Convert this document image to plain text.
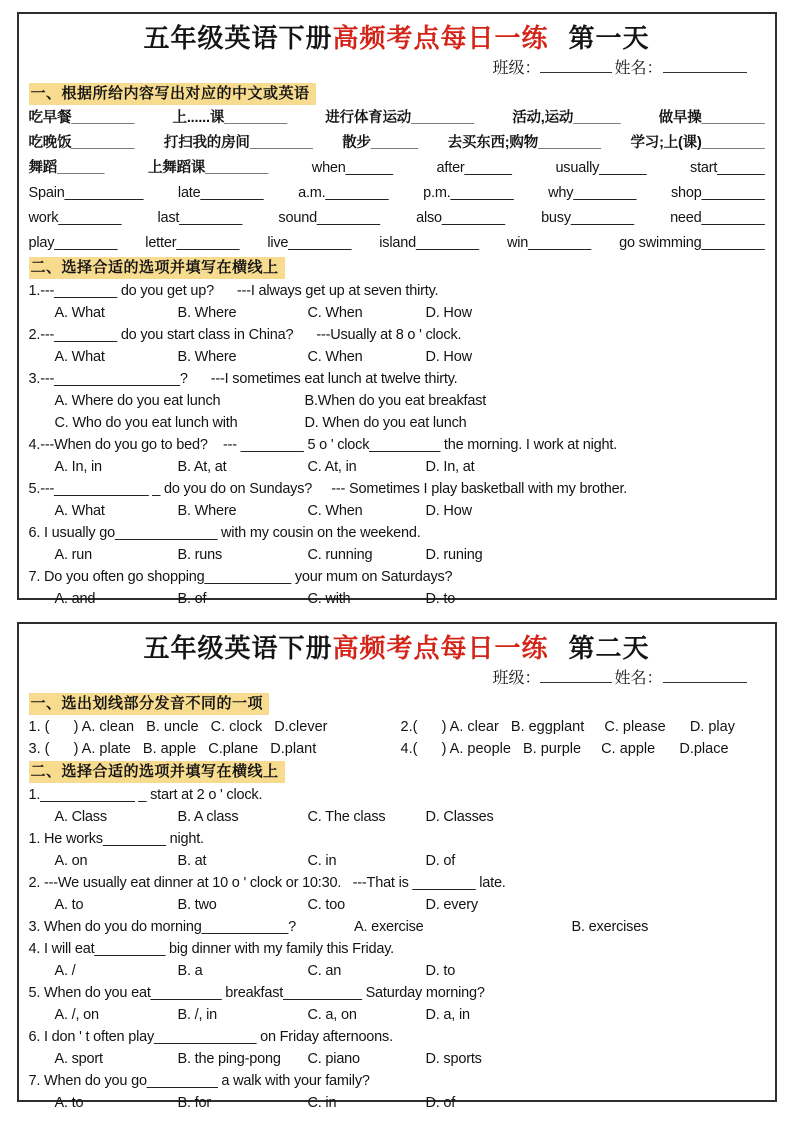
五年级英语下册高频考点每日一练 第一天
班级：	姓名：
一、根据所给内容写出对应的中文或英语
吃早餐________	上......课________	进行体育运动________	活动,运动______	做早操________
吃晚饭________ 打扫我的房间________ 散步______ 去买东西;购物________ 学习;上(课)________
舞蹈______	上舞蹈课________	when______	after______	usually______	start______
Spain__________ late________ a.m.________ p.m.________ why________ shop________
work________	last________	sound________	also________	busy________	need________
play________ letter________ live________ island________ win________ go swimming________
二、选择合适的选项并填写在横线上
1.---________ do you get up?      ---I always get up at seven thirty.
A. What	B. Where	C. When	D. How
2.---________ do you start class in China?      ---Usually at 8 o ' clock.
A. What	B. Where	C. When	D. How
3.---________________?      ---I sometimes eat lunch at twelve thirty.
A. Where do you eat lunch	B.When do you eat breakfast
C. Who do you eat lunch with	D. When do you eat lunch
4.---When do you go to bed?    --- ________ 5 o ' clock_________ the morning. I work at night.
A. In, in	B. At, at	C. At, in	D. In, at
5.---____________ _ do you do on Sundays?     --- Sometimes I play basketball with my brother.
A. What	B. Where	C. When	D. How
6. I usually go_____________ with my cousin on the weekend.
A. run	B. runs	C. running	D. runing
7. Do you often go shopping___________ your mum on Saturdays?
A. and	B. of	C. with	D. to
五年级英语下册高频考点每日一练 第二天
班级：	姓名：
一、选出划线部分发音不同的一项
1. (      ) A. clean   B. uncle   C. clock   D.clever	2.(      ) A. clear   B. eggplant     C. please      D. play
3. (      ) A. plate   B. apple   C.plane   D.plant	4.(      ) A. people   B. purple     C. apple      D.place
二、选择合适的选项并填写在横线上
1.____________ _ start at 2 o ' clock.
A. Class	B. A class	C. The class	D. Classes
1. He works________ night.
A. on	B. at	C. in	D. of
2. ---We usually eat dinner at 10 o ' clock or 10:30.   ---That is ________ late.
A. to	B. two	C. too	D. every
3. When do you do morning___________?	A. exercise	B. exercises
4. I will eat_________ big dinner with my family this Friday.
A. /	B. a	C. an	D. to
5. When do you eat_________ breakfast__________ Saturday morning?
A. /, on	B. /, in	C. a, on	D. a, in
6. I don ' t often play_____________ on Friday afternoons.
A. sport	B. the ping-pong	C. piano	D. sports
7. When do you go_________ a walk with your family?
A. to	B. for	C. in	D. of
